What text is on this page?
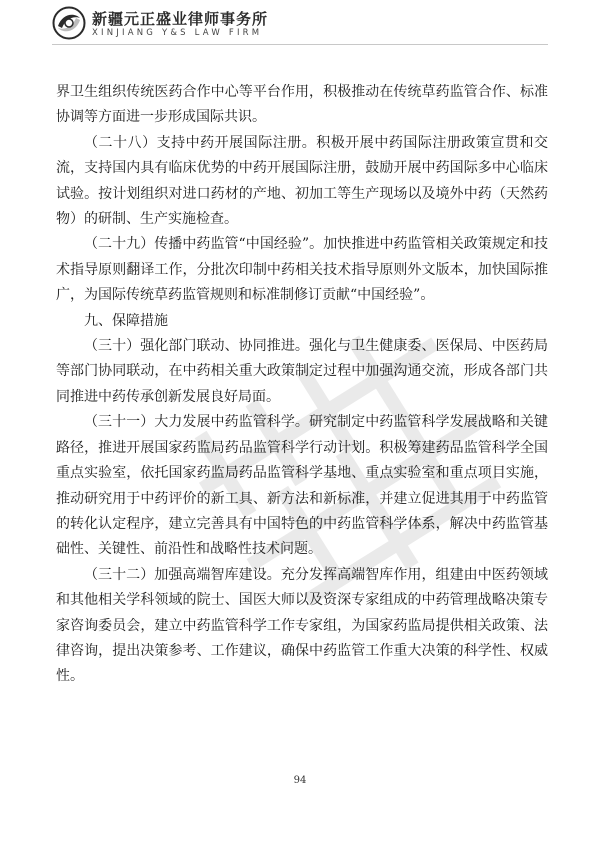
新疆元正盛业律师事务所
XINJIANG Y&S LAW FIRM

界卫生组织传统医药合作中心等平台作用，积极推动在传统草药监管合作、标准协调等方面进一步形成国际共识。

（二十八）支持中药开展国际注册。积极开展中药国际注册政策宣贯和交流，支持国内具有临床优势的中药开展国际注册，鼓励开展中药国际多中心临床试验。按计划组织对进口药材的产地、初加工等生产现场以及境外中药（天然药物）的研制、生产实施检查。

（二十九）传播中药监管“中国经验”。加快推进中药监管相关政策规定和技术指导原则翻译工作，分批次印制中药相关技术指导原则外文版本，加快国际推广，为国际传统草药监管规则和标准制修订贡献“中国经验”。

九、保障措施

（三十）强化部门联动、协同推进。强化与卫生健康委、医保局、中医药局等部门协同联动，在中药相关重大政策制定过程中加强沟通交流，形成各部门共同推进中药传承创新发展良好局面。

（三十一）大力发展中药监管科学。研究制定中药监管科学发展战略和关键路径，推进开展国家药监局药品监管科学行动计划。积极筹建药品监管科学全国重点实验室，依托国家药监局药品监管科学基地、重点实验室和重点项目实施，推动研究用于中药评价的新工具、新方法和新标准，并建立促进其用于中药监管的转化认定程序，建立完善具有中国特色的中药监管科学体系，解决中药监管基础性、关键性、前沿性和战略性技术问题。

（三十二）加强高端智库建设。充分发挥高端智库作用，组建由中医药领域和其他相关学科领域的院士、国医大师以及资深专家组成的中药管理战略决策专家咨询委员会，建立中药监管科学工作专家组，为国家药监局提供相关政策、法律咨询，提出决策参考、工作建议，确保中药监管工作重大决策的科学性、权威性。

94
